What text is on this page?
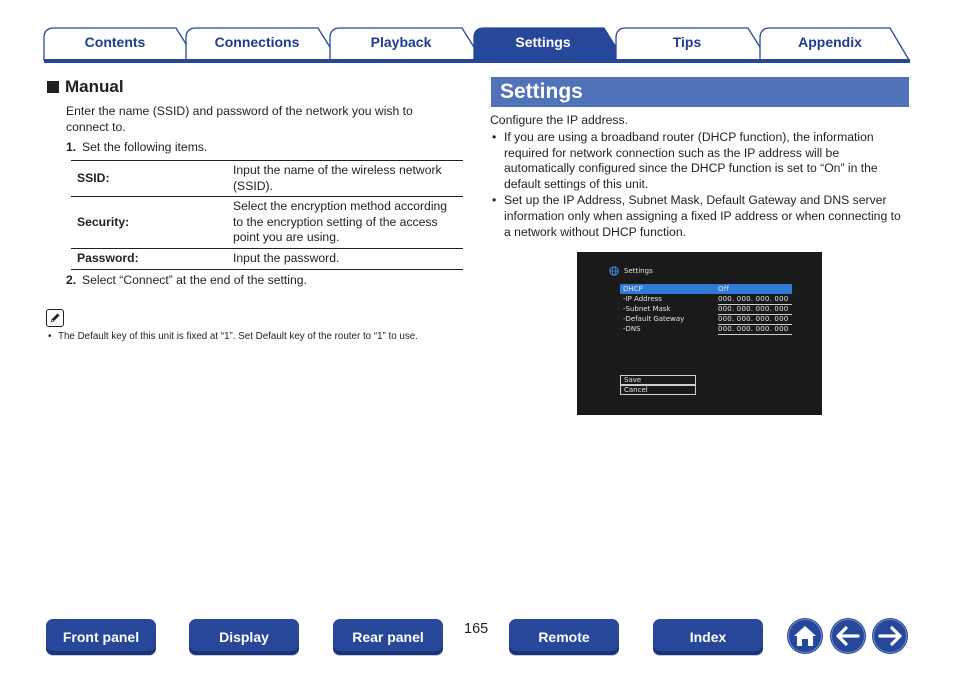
Contents	Connections	Playback	Settings	Tips	Appendix
Manual
Enter the name (SSID) and password of the network you wish to connect to.
1. Set the following items.
SSID:	Input the name of the wireless network (SSID).
Security:	Select the encryption method according to the encryption setting of the access point you are using.
Password:	Input the password.
2. Select “Connect” at the end of the setting.
• The Default key of this unit is fixed at “1”. Set Default key of the router to “1” to use.
Settings
Configure the IP address.
• If you are using a broadband router (DHCP function), the information required for network connection such as the IP address will be automatically configured since the DHCP function is set to “On” in the default settings of this unit.
• Set up the IP Address, Subnet Mask, Default Gateway and DNS server information only when assigning a fixed IP address or when connecting to a network without DHCP function.
Settings
DHCP	Off
-IP Address	000. 000. 000. 000
-Subnet Mask	000. 000. 000. 000
-Default Gateway	000. 000. 000. 000
-DNS	000. 000. 000. 000
Save
Cancel
Front panel	Display	Rear panel	165	Remote	Index
